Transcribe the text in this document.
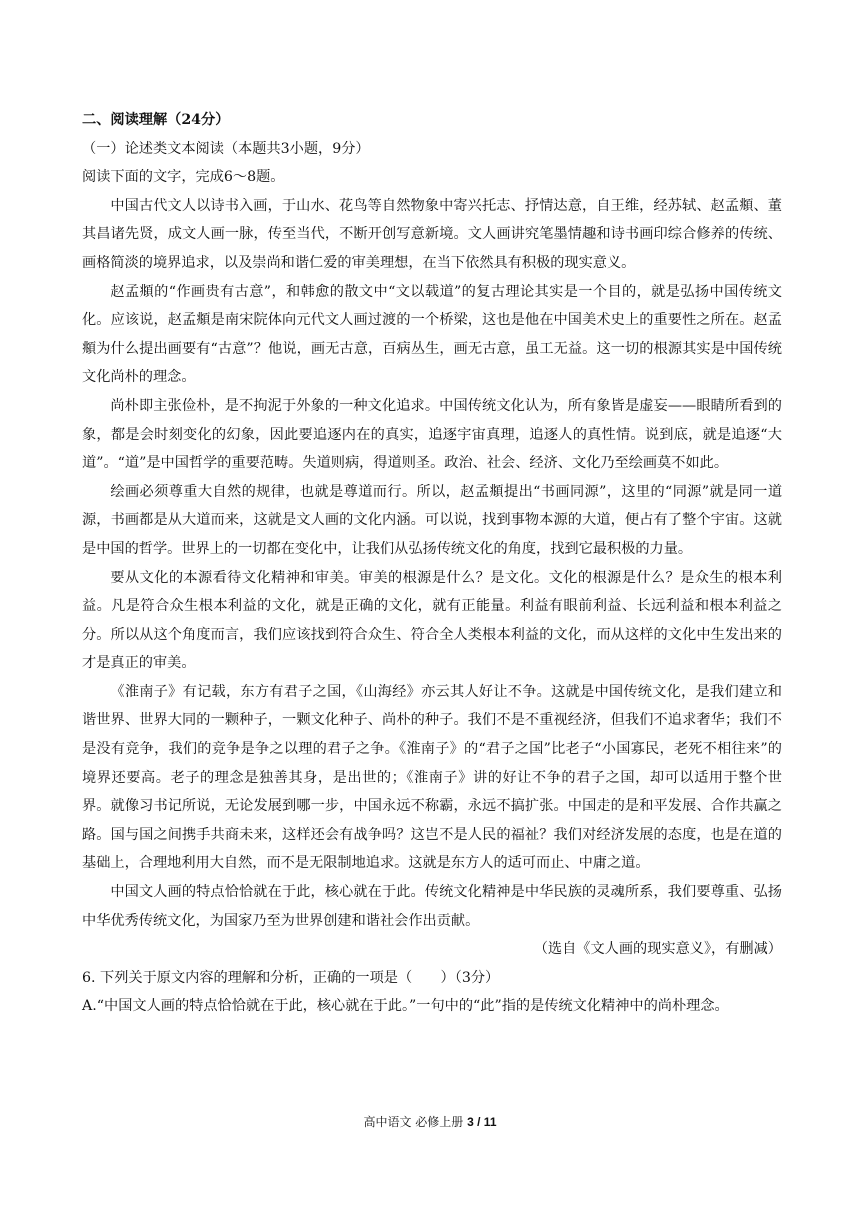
二、阅读理解（24分）

（一）论述类文本阅读（本题共3小题，9分）

阅读下面的文字，完成6～8题。

中国古代文人以诗书入画，于山水、花鸟等自然物象中寄兴托志、抒情达意，自王维，经苏轼、赵孟頫、董其昌诸先贤，成文人画一脉，传至当代，不断开创写意新境。文人画讲究笔墨情趣和诗书画印综合修养的传统、画格简淡的境界追求，以及崇尚和谐仁爱的审美理想，在当下依然具有积极的现实意义。

赵孟頫的“作画贵有古意”，和韩愈的散文中“文以载道”的复古理论其实是一个目的，就是弘扬中国传统文化。应该说，赵孟頫是南宋院体向元代文人画过渡的一个桥梁，这也是他在中国美术史上的重要性之所在。赵孟頫为什么提出画要有“古意”？他说，画无古意，百病丛生，画无古意，虽工无益。这一切的根源其实是中国传统文化尚朴的理念。

尚朴即主张俭朴，是不拘泥于外象的一种文化追求。中国传统文化认为，所有象皆是虚妄——眼睛所看到的象，都是会时刻变化的幻象，因此要追逐内在的真实，追逐宇宙真理，追逐人的真性情。说到底，就是追逐“大道”。“道”是中国哲学的重要范畴。失道则病，得道则圣。政治、社会、经济、文化乃至绘画莫不如此。

绘画必须尊重大自然的规律，也就是尊道而行。所以，赵孟頫提出“书画同源”，这里的“同源”就是同一道源，书画都是从大道而来，这就是文人画的文化内涵。可以说，找到事物本源的大道，便占有了整个宇宙。这就是中国的哲学。世界上的一切都在变化中，让我们从弘扬传统文化的角度，找到它最积极的力量。

要从文化的本源看待文化精神和审美。审美的根源是什么？是文化。文化的根源是什么？是众生的根本利益。凡是符合众生根本利益的文化，就是正确的文化，就有正能量。利益有眼前利益、长远利益和根本利益之分。所以从这个角度而言，我们应该找到符合众生、符合全人类根本利益的文化，而从这样的文化中生发出来的才是真正的审美。

《淮南子》有记载，东方有君子之国，《山海经》亦云其人好让不争。这就是中国传统文化，是我们建立和谐世界、世界大同的一颗种子，一颗文化种子、尚朴的种子。我们不是不重视经济，但我们不追求奢华；我们不是没有竞争，我们的竞争是争之以理的君子之争。《淮南子》的“君子之国”比老子“小国寡民，老死不相往来”的境界还要高。老子的理念是独善其身，是出世的；《淮南子》讲的好让不争的君子之国，却可以适用于整个世界。就像习书记所说，无论发展到哪一步，中国永远不称霸，永远不搞扩张。中国走的是和平发展、合作共赢之路。国与国之间携手共商未来，这样还会有战争吗？这岂不是人民的福祉？我们对经济发展的态度，也是在道的基础上，合理地利用大自然，而不是无限制地追求。这就是东方人的适可而止、中庸之道。

中国文人画的特点恰恰就在于此，核心就在于此。传统文化精神是中华民族的灵魂所系，我们要尊重、弘扬中华优秀传统文化，为国家乃至为世界创建和谐社会作出贡献。

（选自《文人画的现实意义》，有删减）

6. 下列关于原文内容的理解和分析，正确的一项是（　　）（3分）

A.“中国文人画的特点恰恰就在于此，核心就在于此。”一句中的“此”指的是传统文化精神中的尚朴理念。

高中语文 必修上册 3 / 11
